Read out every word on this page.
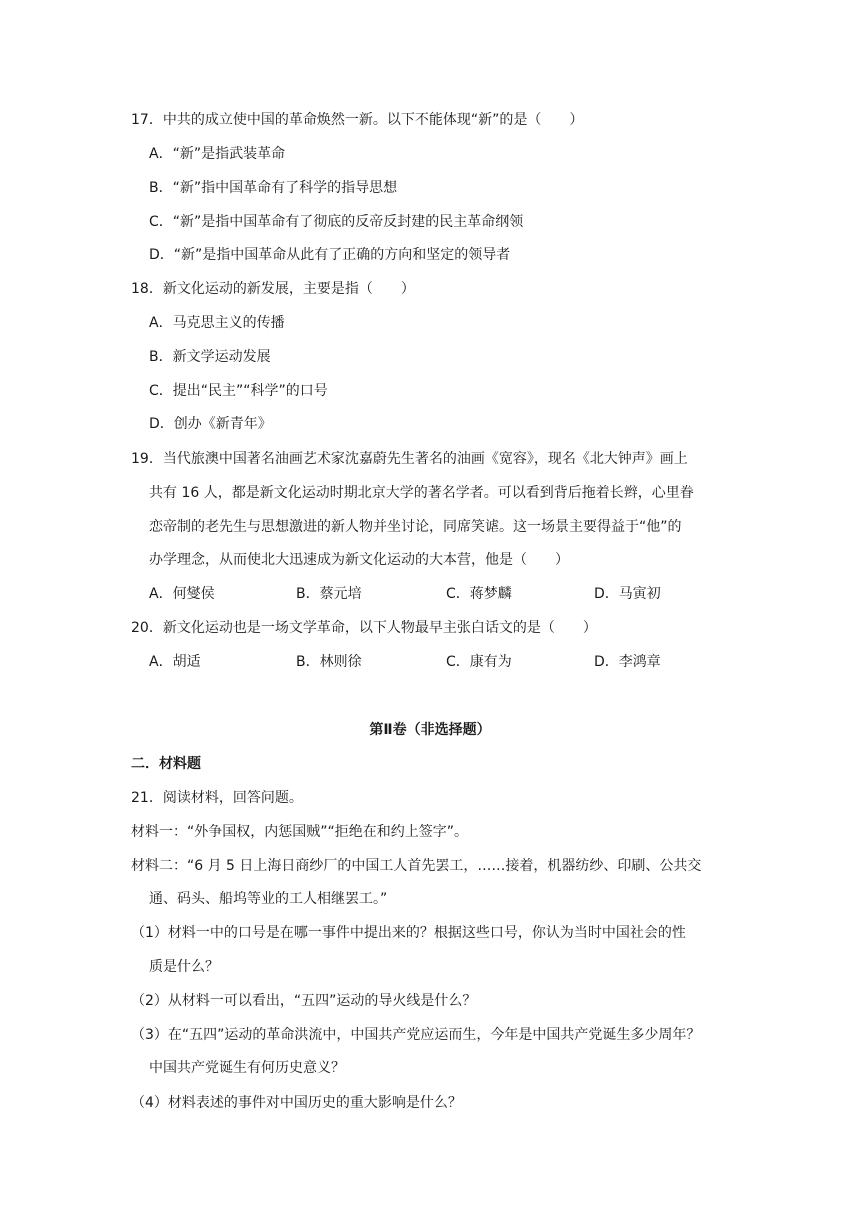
17．中共的成立使中国的革命焕然一新。以下不能体现“新”的是（　　）
A．“新”是指武装革命
B．“新”指中国革命有了科学的指导思想
C．“新”是指中国革命有了彻底的反帝反封建的民主革命纲领
D．“新”是指中国革命从此有了正确的方向和坚定的领导者
18．新文化运动的新发展，主要是指（　　）
A．马克思主义的传播
B．新文学运动发展
C．提出“民主”“科学”的口号
D．创办《新青年》
19．当代旅澳中国著名油画艺术家沈嘉蔚先生著名的油画《宽容》，现名《北大钟声》画上
共有 16 人，都是新文化运动时期北京大学的著名学者。可以看到背后拖着长辫，心里眷
恋帝制的老先生与思想激进的新人物并坐讨论，同席笑谑。这一场景主要得益于“他”的
办学理念，从而使北大迅速成为新文化运动的大本营，他是（　　）
A．何燮侯	B．蔡元培	C．蒋梦麟	D．马寅初
20．新文化运动也是一场文学革命，以下人物最早主张白话文的是（　　）
A．胡适	B．林则徐	C．康有为	D．李鸿章
第Ⅱ卷（非选择题）
二．材料题
21．阅读材料，回答问题。
材料一：“外争国权，内惩国贼”“拒绝在和约上签字”。
材料二：“6 月 5 日上海日商纱厂的中国工人首先罢工，……接着，机器纺纱、印刷、公共交
通、码头、船坞等业的工人相继罢工。”
（1）材料一中的口号是在哪一事件中提出来的？根据这些口号，你认为当时中国社会的性
质是什么？
（2）从材料一可以看出，“五四”运动的导火线是什么？
（3）在“五四”运动的革命洪流中，中国共产党应运而生，今年是中国共产党诞生多少周年？
中国共产党诞生有何历史意义？
（4）材料表述的事件对中国历史的重大影响是什么？
